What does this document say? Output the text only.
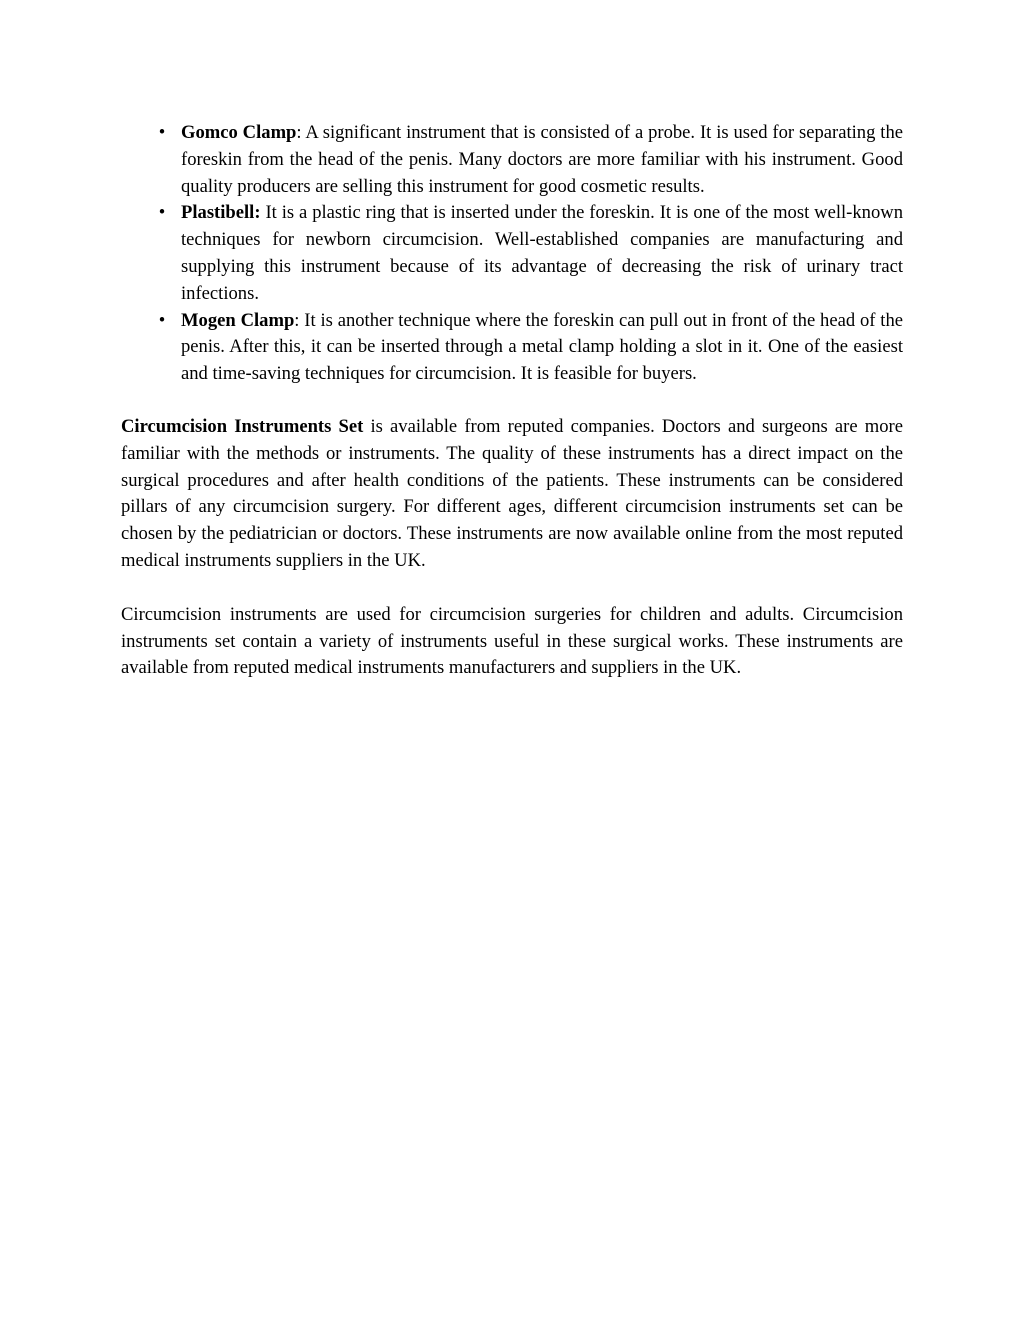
• Gomco Clamp: A significant instrument that is consisted of a probe. It is used for separating the foreskin from the head of the penis. Many doctors are more familiar with his instrument. Good quality producers are selling this instrument for good cosmetic results.
• Plastibell: It is a plastic ring that is inserted under the foreskin. It is one of the most well-known techniques for newborn circumcision. Well-established companies are manufacturing and supplying this instrument because of its advantage of decreasing the risk of urinary tract infections.
• Mogen Clamp: It is another technique where the foreskin can pull out in front of the head of the penis. After this, it can be inserted through a metal clamp holding a slot in it. One of the easiest and time-saving techniques for circumcision. It is feasible for buyers.

Circumcision Instruments Set is available from reputed companies. Doctors and surgeons are more familiar with the methods or instruments. The quality of these instruments has a direct impact on the surgical procedures and after health conditions of the patients. These instruments can be considered pillars of any circumcision surgery. For different ages, different circumcision instruments set can be chosen by the pediatrician or doctors. These instruments are now available online from the most reputed medical instruments suppliers in the UK.

Circumcision instruments are used for circumcision surgeries for children and adults. Circumcision instruments set contain a variety of instruments useful in these surgical works. These instruments are available from reputed medical instruments manufacturers and suppliers in the UK.
